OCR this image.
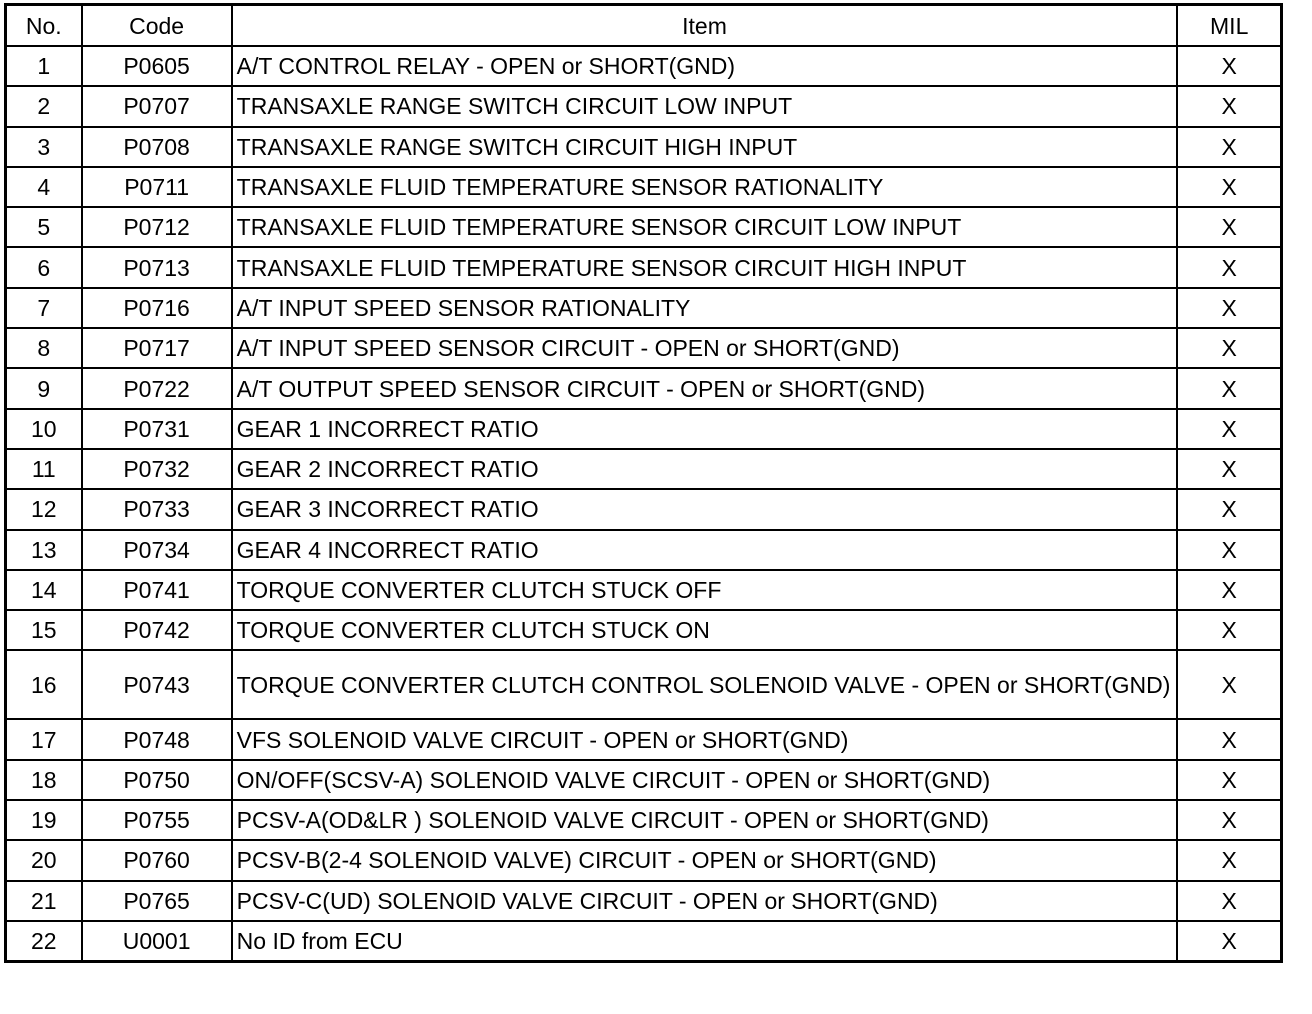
No.	Code	Item	MIL
1	P0605	A/T CONTROL RELAY - OPEN or SHORT(GND)	X
2	P0707	TRANSAXLE RANGE SWITCH CIRCUIT LOW INPUT	X
3	P0708	TRANSAXLE RANGE SWITCH CIRCUIT HIGH INPUT	X
4	P0711	TRANSAXLE FLUID TEMPERATURE SENSOR RATIONALITY	X
5	P0712	TRANSAXLE FLUID TEMPERATURE SENSOR CIRCUIT LOW INPUT	X
6	P0713	TRANSAXLE FLUID TEMPERATURE SENSOR CIRCUIT HIGH INPUT	X
7	P0716	A/T INPUT SPEED SENSOR RATIONALITY	X
8	P0717	A/T INPUT SPEED SENSOR CIRCUIT - OPEN or SHORT(GND)	X
9	P0722	A/T OUTPUT SPEED SENSOR CIRCUIT - OPEN or SHORT(GND)	X
10	P0731	GEAR 1 INCORRECT RATIO	X
11	P0732	GEAR 2 INCORRECT RATIO	X
12	P0733	GEAR 3 INCORRECT RATIO	X
13	P0734	GEAR 4 INCORRECT RATIO	X
14	P0741	TORQUE CONVERTER CLUTCH STUCK OFF	X
15	P0742	TORQUE CONVERTER CLUTCH STUCK ON	X
16	P0743	TORQUE CONVERTER CLUTCH CONTROL SOLENOID VALVE - OPEN or SHORT(GND)	X
17	P0748	VFS SOLENOID VALVE CIRCUIT - OPEN or SHORT(GND)	X
18	P0750	ON/OFF(SCSV-A) SOLENOID VALVE CIRCUIT - OPEN or SHORT(GND)	X
19	P0755	PCSV-A(OD&LR ) SOLENOID VALVE CIRCUIT - OPEN or SHORT(GND)	X
20	P0760	PCSV-B(2-4 SOLENOID VALVE) CIRCUIT - OPEN or SHORT(GND)	X
21	P0765	PCSV-C(UD) SOLENOID VALVE CIRCUIT - OPEN or SHORT(GND)	X
22	U0001	No ID from ECU	X
